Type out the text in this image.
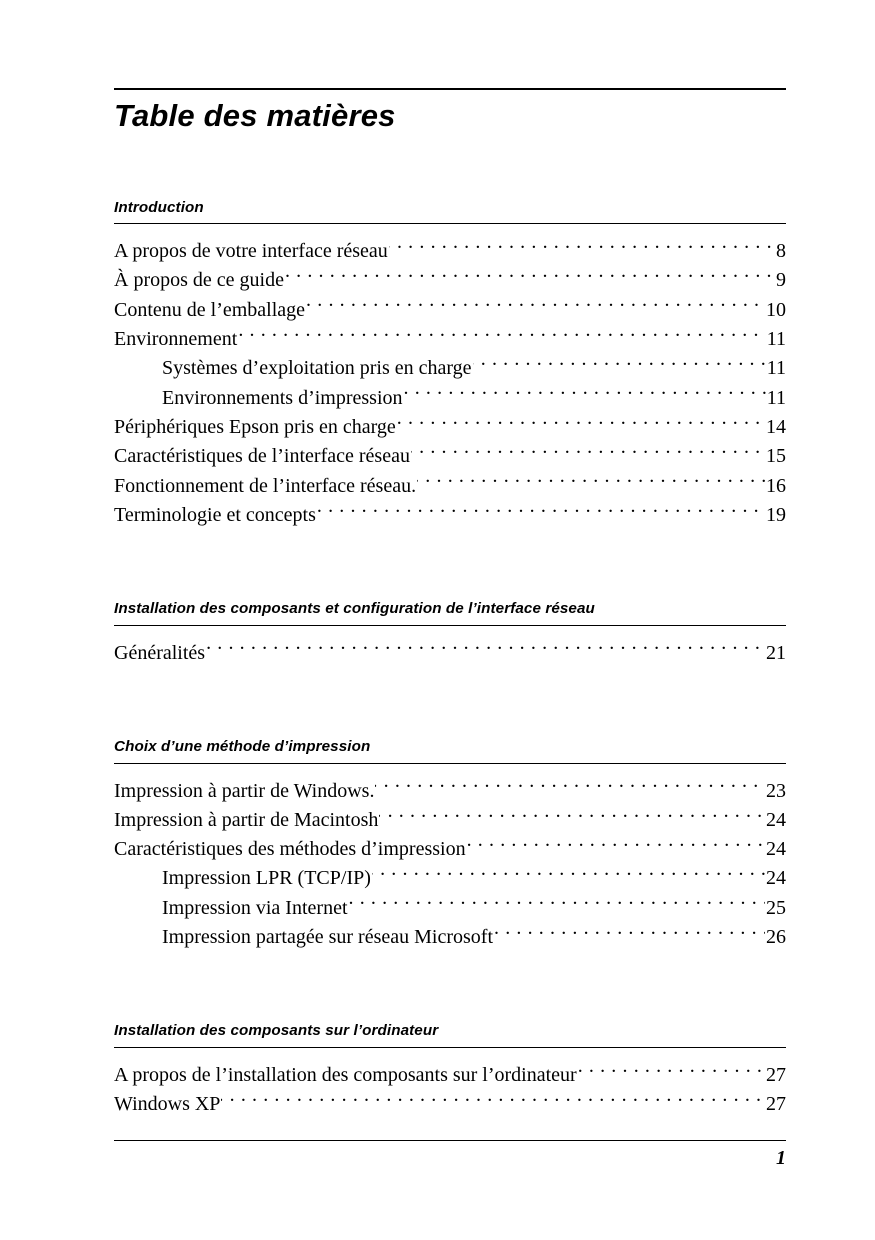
Table des matières
Introduction
A propos de votre interface réseau . . .	8
À propos de ce guide . . .	9
Contenu de l’emballage . . .	10
Environnement . . .	11
Systèmes d’exploitation pris en charge . . .	11
Environnements d’impression . . .	11
Périphériques Epson pris en charge . . .	14
Caractéristiques de l’interface réseau . . .	15
Fonctionnement de l’interface réseau. . . .	16
Terminologie et concepts . . .	19
Installation des composants et configuration de l’interface réseau
Généralités . . .	21
Choix d’une méthode d’impression
Impression à partir de Windows. . . .	23
Impression à partir de Macintosh . . .	24
Caractéristiques des méthodes d’impression . . .	24
Impression LPR (TCP/IP) . . .	24
Impression via Internet . . .	25
Impression partagée sur réseau Microsoft . . .	26
Installation des composants sur l’ordinateur
A propos de l’installation des composants sur l’ordinateur . . .	27
Windows XP . . .	27
1
